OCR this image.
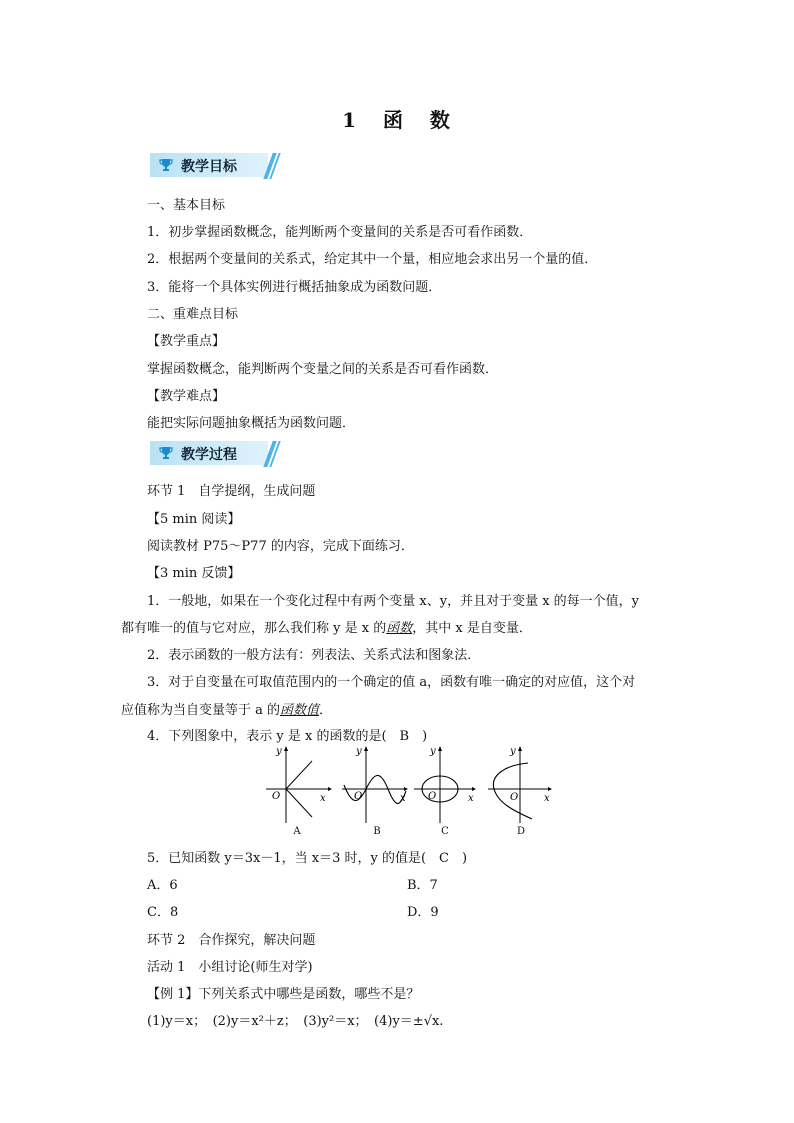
1 函 数
教学目标
一、基本目标
1．初步掌握函数概念，能判断两个变量间的关系是否可看作函数．
2．根据两个变量间的关系式，给定其中一个量，相应地会求出另一个量的值．
3．能将一个具体实例进行概括抽象成为函数问题．
二、重难点目标
【教学重点】
掌握函数概念，能判断两个变量之间的关系是否可看作函数．
【教学难点】
能把实际问题抽象概括为函数问题．
教学过程
环节 1　自学提纲，生成问题
【5 min 阅读】
阅读教材 P75～P77 的内容，完成下面练习．
【3 min 反馈】
1．一般地，如果在一个变化过程中有两个变量 x、y，并且对于变量 x 的每一个值，y
都有唯一的值与它对应，那么我们称 y 是 x 的函数，其中 x 是自变量．
2．表示函数的一般方法有：列表法、关系式法和图象法．
3．对于自变量在可取值范围内的一个确定的值 a，函数有唯一确定的对应值，这个对
应值称为当自变量等于 a 的函数值．
4．下列图象中，表示 y 是 x 的函数的是(　B　)
O
y
x
A
O
y
x
B
O
y
x
C
O
y
x
D
5．已知函数 y＝3x－1，当 x＝3 时，y 的值是(　C　)
A．6	B．7
C．8	D．9
环节 2　合作探究，解决问题
活动 1　小组讨论(师生对学)
【例 1】下列关系式中哪些是函数，哪些不是？
(1)y＝x；　(2)y＝x²＋z；　(3)y²＝x；　(4)y＝±√x.
